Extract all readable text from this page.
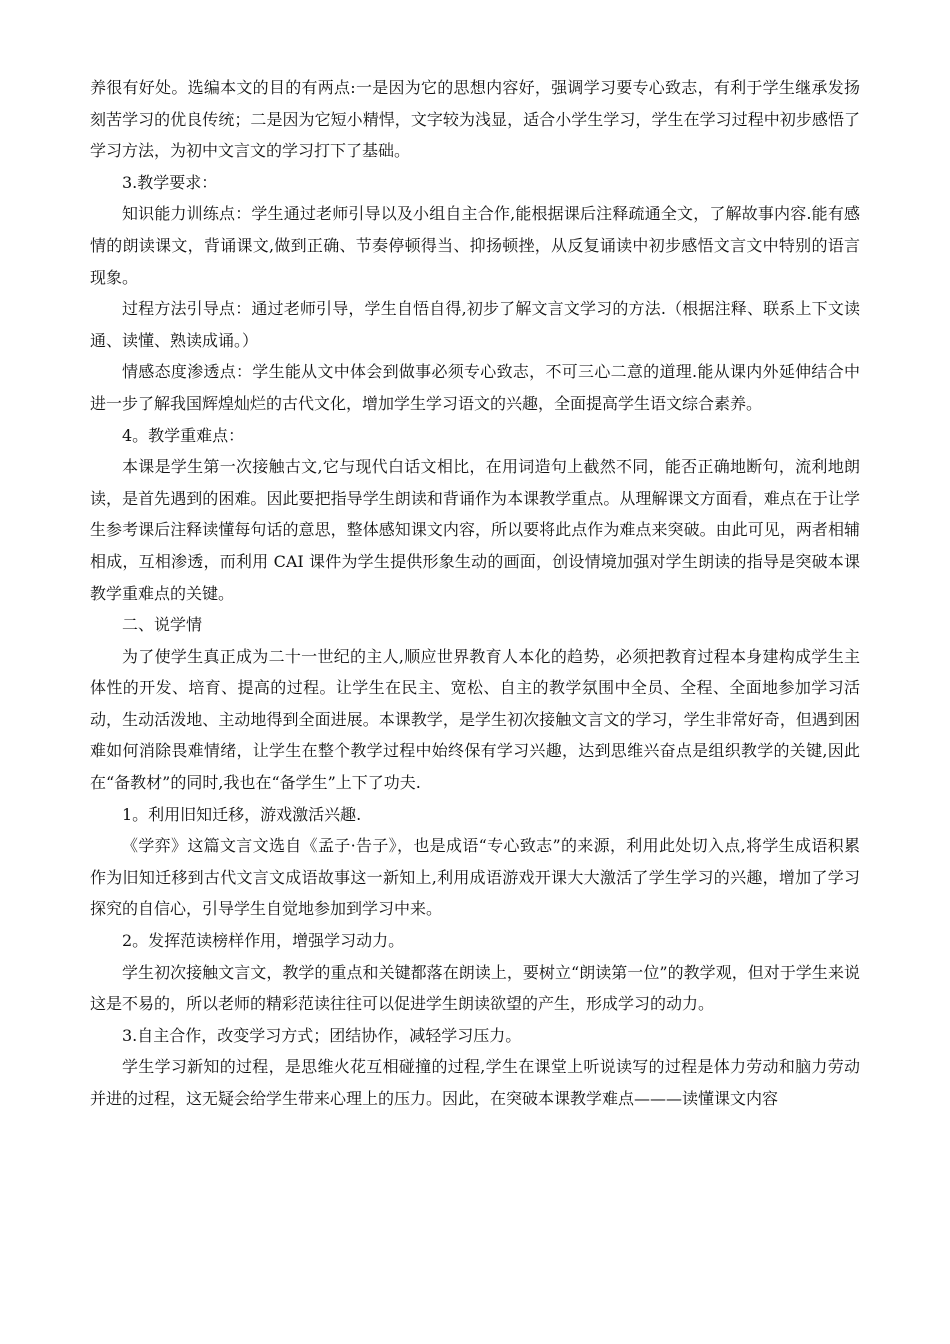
养很有好处。选编本文的目的有两点:一是因为它的思想内容好，强调学习要专心致志，有利于学生继承发扬刻苦学习的优良传统；二是因为它短小精悍，文字较为浅显，适合小学生学习，学生在学习过程中初步感悟了学习方法，为初中文言文的学习打下了基础。

3.教学要求：

知识能力训练点：学生通过老师引导以及小组自主合作,能根据课后注释疏通全文，了解故事内容.能有感情的朗读课文，背诵课文,做到正确、节奏停顿得当、抑扬顿挫，从反复诵读中初步感悟文言文中特别的语言现象。

过程方法引导点：通过老师引导，学生自悟自得,初步了解文言文学习的方法.（根据注释、联系上下文读通、读懂、熟读成诵。）

情感态度渗透点：学生能从文中体会到做事必须专心致志，不可三心二意的道理.能从课内外延伸结合中进一步了解我国辉煌灿烂的古代文化，增加学生学习语文的兴趣，全面提高学生语文综合素养。

4。教学重难点：

本课是学生第一次接触古文,它与现代白话文相比，在用词造句上截然不同，能否正确地断句，流利地朗读，是首先遇到的困难。因此要把指导学生朗读和背诵作为本课教学重点。从理解课文方面看，难点在于让学生参考课后注释读懂每句话的意思，整体感知课文内容，所以要将此点作为难点来突破。由此可见，两者相辅相成，互相渗透，而利用 CAI 课件为学生提供形象生动的画面，创设情境加强对学生朗读的指导是突破本课教学重难点的关键。

二、说学情

为了使学生真正成为二十一世纪的主人,顺应世界教育人本化的趋势，必须把教育过程本身建构成学生主体性的开发、培育、提高的过程。让学生在民主、宽松、自主的教学氛围中全员、全程、全面地参加学习活动，生动活泼地、主动地得到全面进展。本课教学，是学生初次接触文言文的学习，学生非常好奇，但遇到困难如何消除畏难情绪，让学生在整个教学过程中始终保有学习兴趣，达到思维兴奋点是组织教学的关键,因此在“备教材”的同时,我也在“备学生”上下了功夫.

1。利用旧知迁移，游戏激活兴趣.

《学弈》这篇文言文选自《孟子·告子》，也是成语“专心致志”的来源，利用此处切入点,将学生成语积累作为旧知迁移到古代文言文成语故事这一新知上,利用成语游戏开课大大激活了学生学习的兴趣，增加了学习探究的自信心，引导学生自觉地参加到学习中来。

2。发挥范读榜样作用，增强学习动力。

学生初次接触文言文，教学的重点和关键都落在朗读上，要树立“朗读第一位”的教学观，但对于学生来说这是不易的，所以老师的精彩范读往往可以促进学生朗读欲望的产生，形成学习的动力。

3.自主合作，改变学习方式；团结协作，减轻学习压力。

学生学习新知的过程，是思维火花互相碰撞的过程,学生在课堂上听说读写的过程是体力劳动和脑力劳动并进的过程，这无疑会给学生带来心理上的压力。因此，在突破本课教学难点———读懂课文内容
